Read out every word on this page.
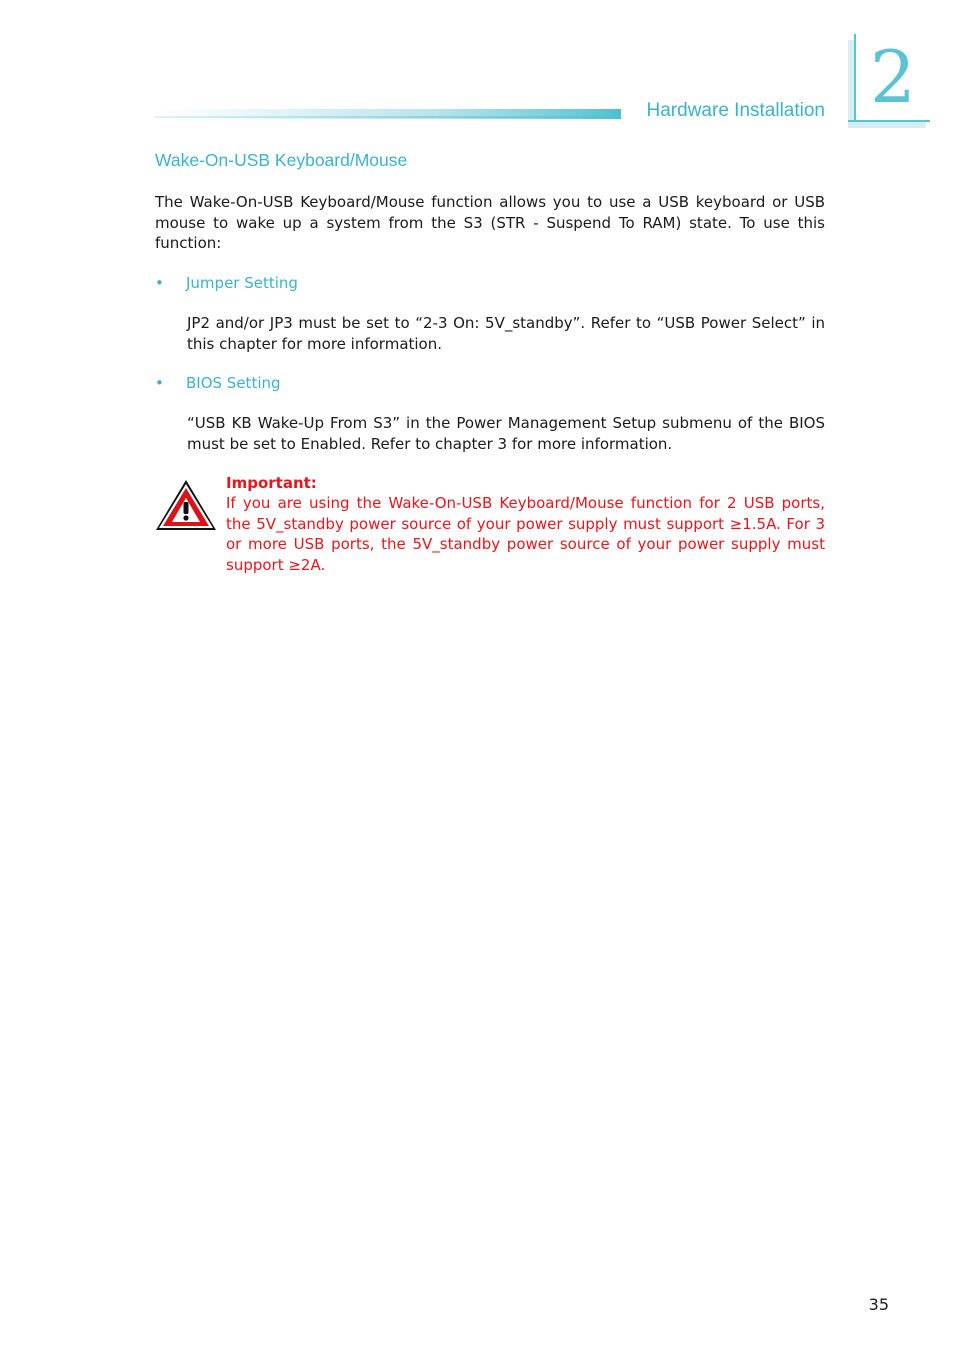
2
Hardware Installation
Wake-On-USB Keyboard/Mouse

The Wake-On-USB Keyboard/Mouse function allows you to use a USB keyboard or USB mouse to wake up a system from the S3 (STR - Suspend To RAM) state. To use this function:

• Jumper Setting

JP2 and/or JP3 must be set to “2-3 On: 5V_standby”. Refer to “USB Power Select” in this chapter for more information.

• BIOS Setting

“USB KB Wake-Up From S3” in the Power Management Setup submenu of the BIOS must be set to Enabled. Refer to chapter 3 for more information.

Important:

If you are using the Wake-On-USB Keyboard/Mouse function for 2 USB ports, the 5V_standby power source of your power supply must support ≥1.5A. For 3 or more USB ports, the 5V_standby power source of your power supply must support ≥2A.

35
